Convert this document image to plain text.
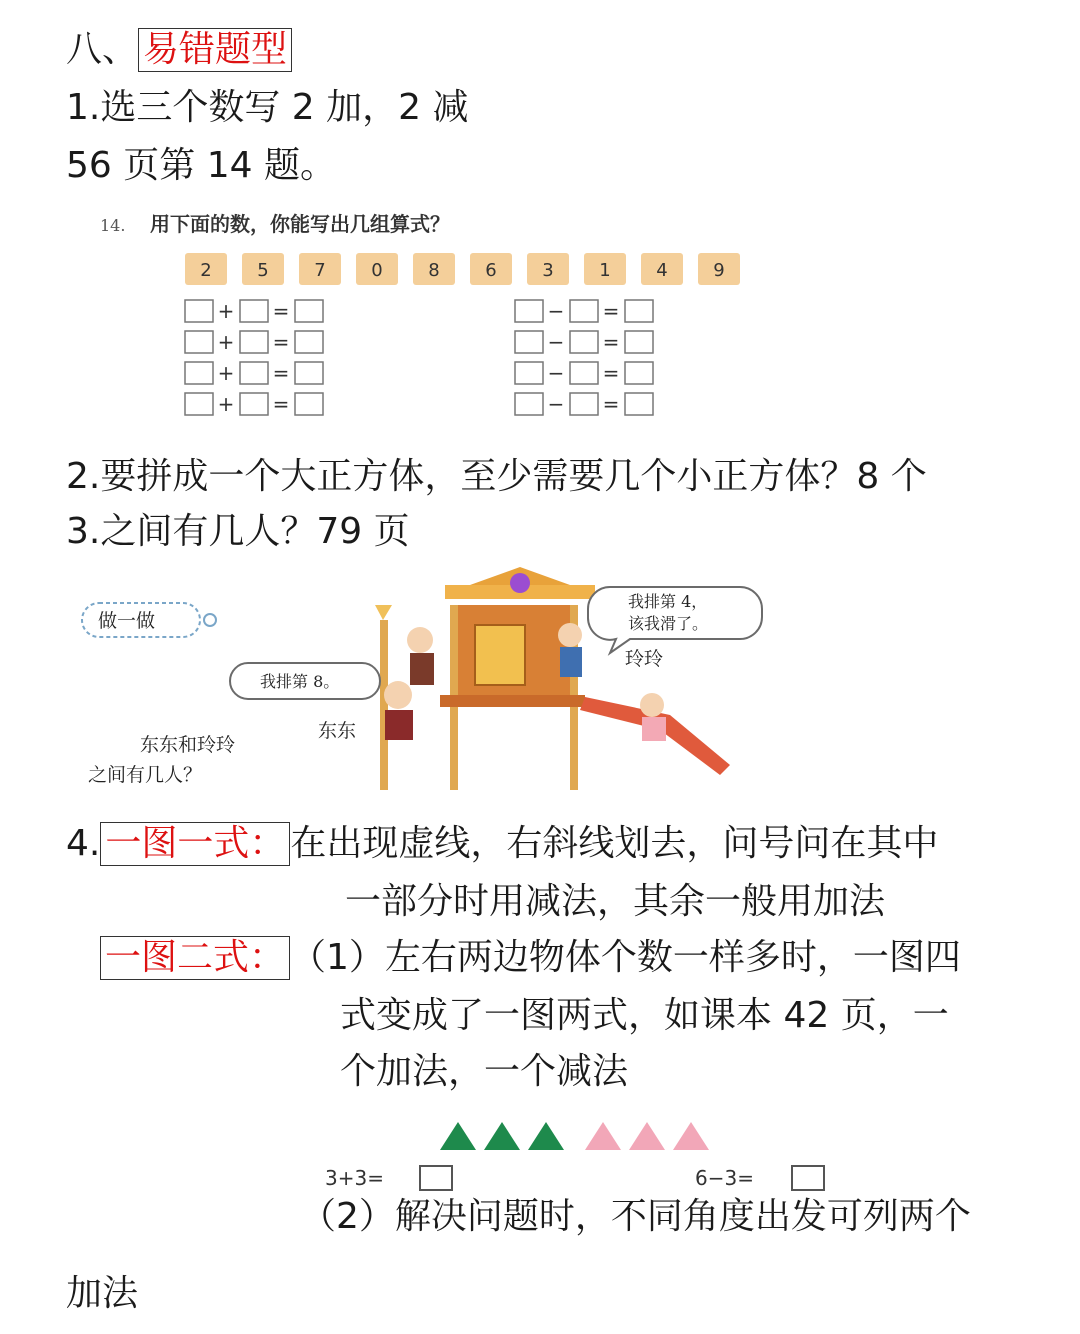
八、 易错题型
1.选三个数写 2 加，2 减
56 页第 14 题。
14. 用下面的数，你能写出几组算式？
2	5	7	0	8	6	3	1	4	9
+ =
+ =
+ =
+ =
− =
− =
− =
− =
2.要拼成一个大正方体，至少需要几个小正方体？8 个
3.之间有几人？79 页
做一做
我排第 4，
该我滑了。
玲玲
我排第 8。
东东
东东和玲玲
之间有几人？
4. 一图一式： 在出现虚线，右斜线划去，问号问在其中
一部分时用减法，其余一般用加法
一图二式： （1）左右两边物体个数一样多时，一图四
式变成了一图两式，如课本 42 页，一
个加法，一个减法
3+3=	6−3=
（2）解决问题时，不同角度出发可列两个
加法
